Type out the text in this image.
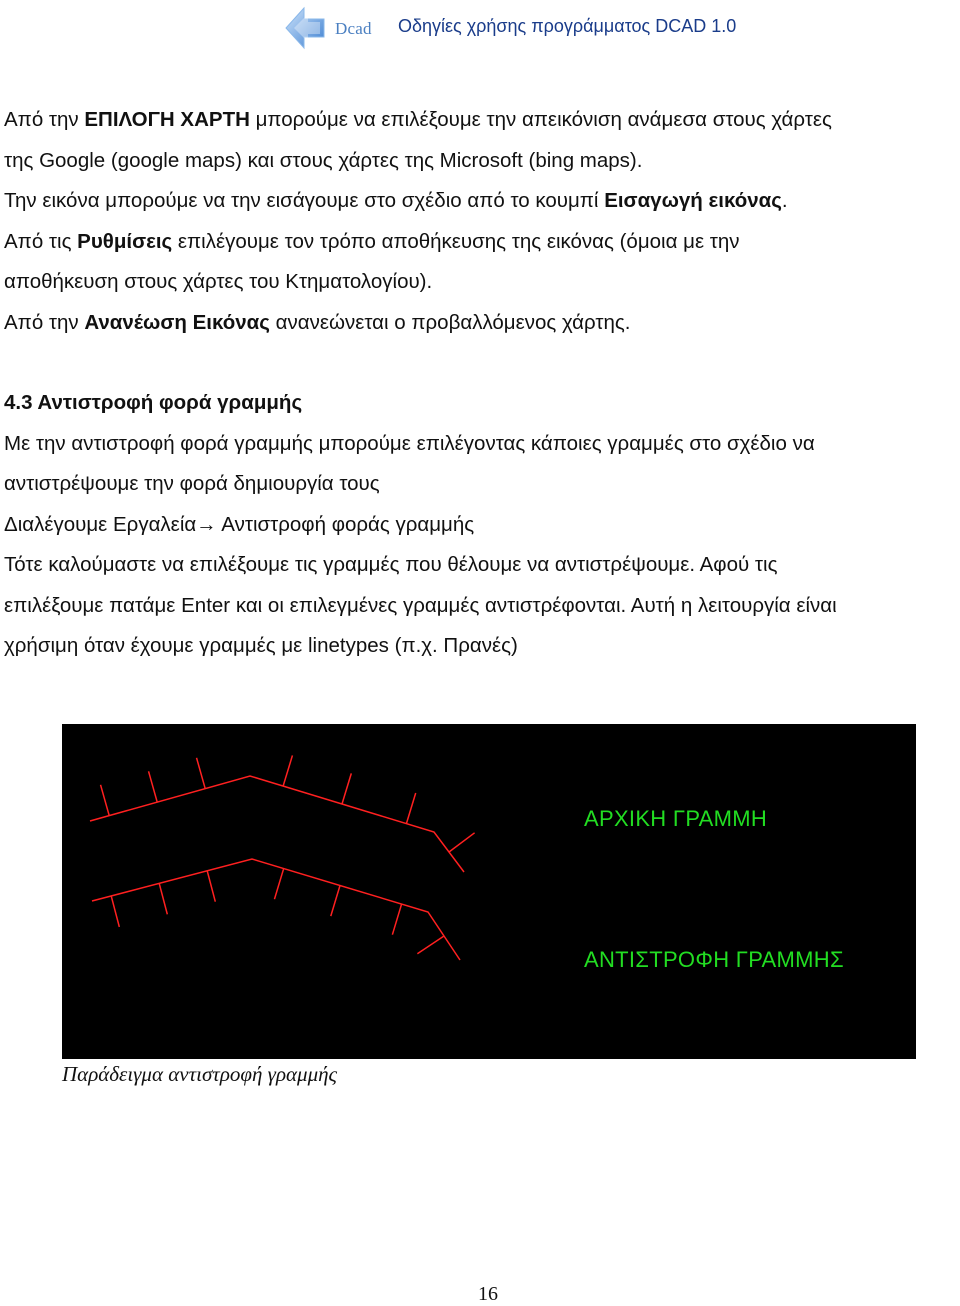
Dcad Οδηγίες χρήσης προγράμματος DCAD 1.0
Από την ΕΠΙΛΟΓΗ ΧΑΡΤΗ μπορούμε να επιλέξουμε την απεικόνιση ανάμεσα στους χάρτες
της Google (google maps) και στους χάρτες της Microsoft (bing maps).
Την εικόνα μπορούμε να την εισάγουμε στο σχέδιο από το κουμπί Εισαγωγή εικόνας.
Από τις Ρυθμίσεις επιλέγουμε τον τρόπο αποθήκευσης της εικόνας (όμοια με την
αποθήκευση στους χάρτες του Κτηματολογίου).
Από την Ανανέωση Εικόνας ανανεώνεται ο προβαλλόμενος χάρτης.
4.3 Αντιστροφή φορά γραμμής
Με την αντιστροφή φορά γραμμής μπορούμε επιλέγοντας κάποιες γραμμές στο σχέδιο να
αντιστρέψουμε την φορά δημιουργία τους
Διαλέγουμε Εργαλεία→ Αντιστροφή φοράς γραμμής
Τότε καλούμαστε να επιλέξουμε τις γραμμές που θέλουμε να αντιστρέψουμε. Αφού τις
επιλέξουμε πατάμε Enter και οι επιλεγμένες γραμμές αντιστρέφονται. Αυτή η λειτουργία είναι
χρήσιμη όταν έχουμε γραμμές με linetypes (π.χ. Πρανές)
ΑΡΧΙΚΗ ΓΡΑΜΜΗ
ΑΝΤΙΣΤΡΟΦΗ ΓΡΑΜΜΗΣ
Παράδειγμα αντιστροφή γραμμής
16
